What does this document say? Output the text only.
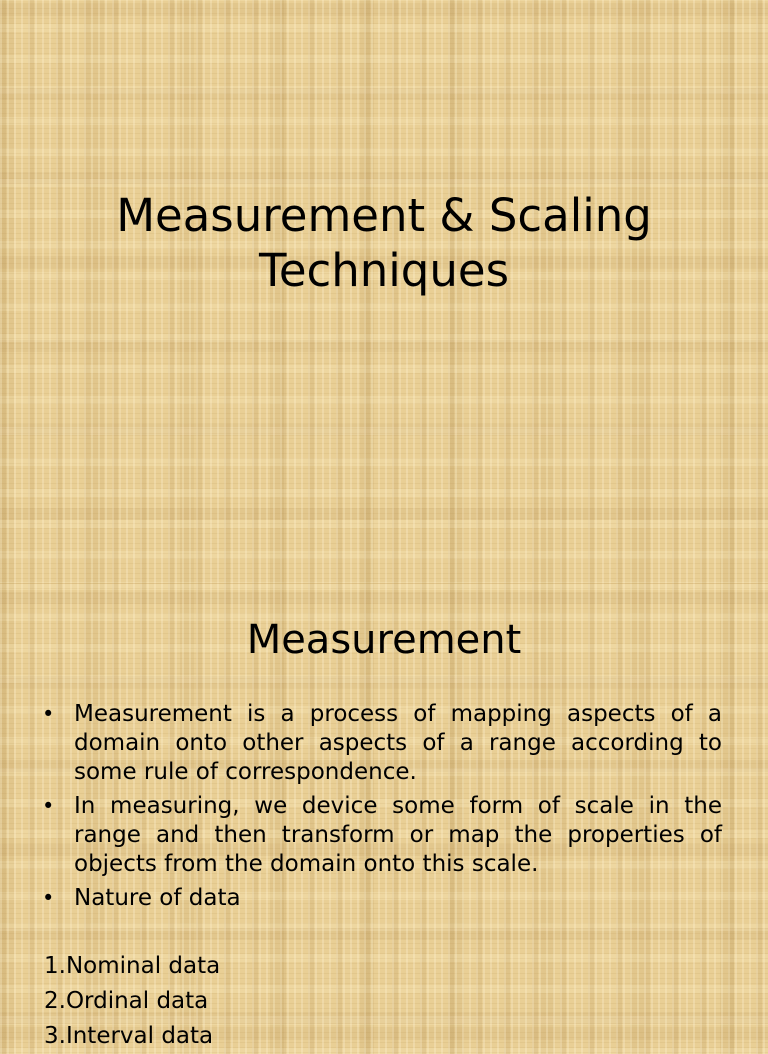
Measurement & Scaling
Techniques
Measurement
• Measurement is a process of mapping aspects of a domain onto other aspects of a range according to some rule of correspondence.
• In measuring, we device some form of scale in the range and then transform or map the properties of objects from the domain onto this scale.
• Nature of data
1.Nominal data
2.Ordinal data
3.Interval data
